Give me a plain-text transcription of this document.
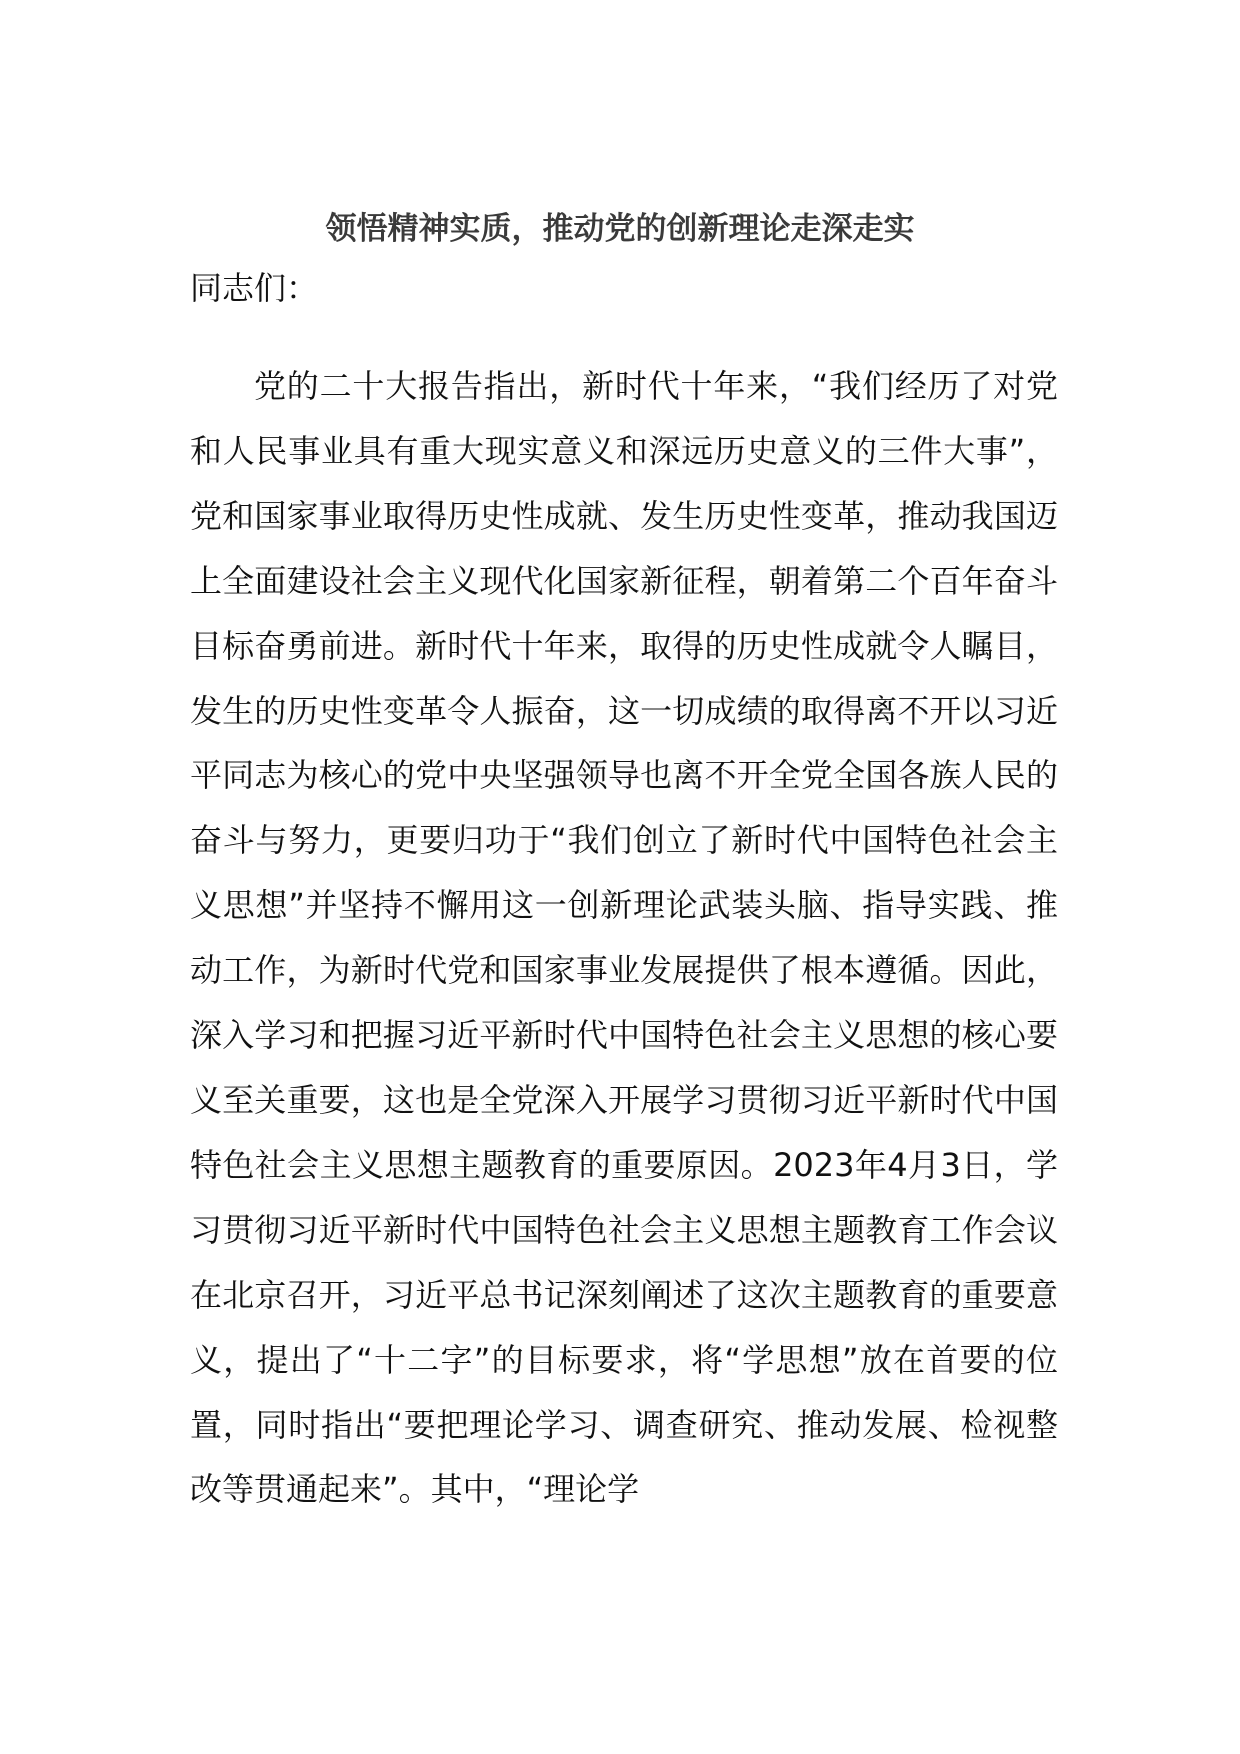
领悟精神实质，推动党的创新理论走深走实

同志们：

党的二十大报告指出，新时代十年来，“我们经历了对党和人民事业具有重大现实意义和深远历史意义的三件大事”，党和国家事业取得历史性成就、发生历史性变革，推动我国迈上全面建设社会主义现代化国家新征程，朝着第二个百年奋斗目标奋勇前进。新时代十年来，取得的历史性成就令人瞩目，发生的历史性变革令人振奋，这一切成绩的取得离不开以习近平同志为核心的党中央坚强领导也离不开全党全国各族人民的奋斗与努力，更要归功于“我们创立了新时代中国特色社会主义思想”并坚持不懈用这一创新理论武装头脑、指导实践、推动工作，为新时代党和国家事业发展提供了根本遵循。因此，深入学习和把握习近平新时代中国特色社会主义思想的核心要义至关重要，这也是全党深入开展学习贯彻习近平新时代中国特色社会主义思想主题教育的重要原因。2023年4月3日，学习贯彻习近平新时代中国特色社会主义思想主题教育工作会议在北京召开，习近平总书记深刻阐述了这次主题教育的重要意义，提出了“十二字”的目标要求，将“学思想”放在首要的位置，同时指出“要把理论学习、调查研究、推动发展、检视整改等贯通起来”。其中，“理论学
